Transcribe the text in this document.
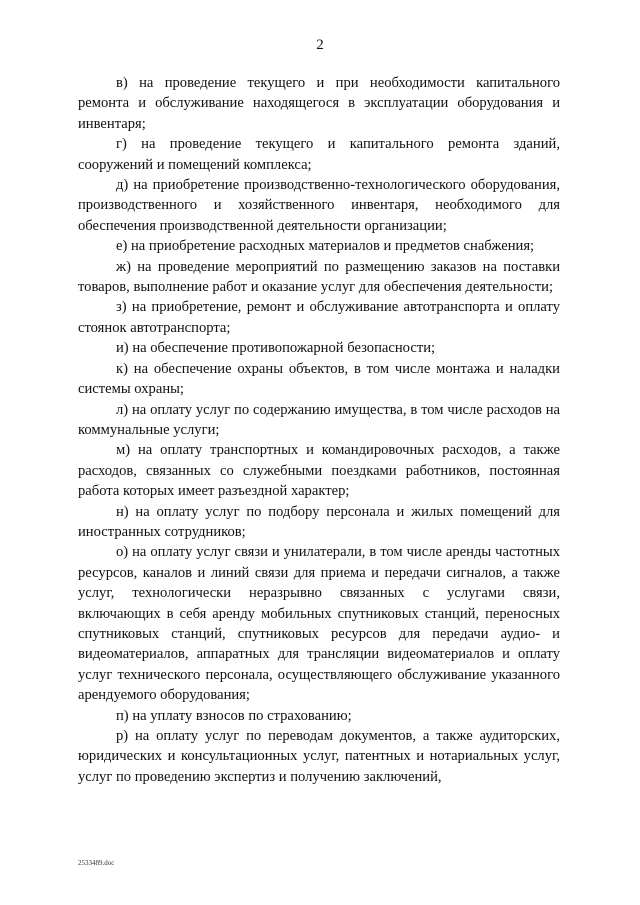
2

в) на проведение текущего и при необходимости капитального ремонта и обслуживание находящегося в эксплуатации оборудования и инвентаря;

г) на проведение текущего и капитального ремонта зданий, сооружений и помещений комплекса;

д) на приобретение производственно-технологического оборудования, производственного и хозяйственного инвентаря, необходимого для обеспечения производственной деятельности организации;

е) на приобретение расходных материалов и предметов снабжения;

ж) на проведение мероприятий по размещению заказов на поставки товаров, выполнение работ и оказание услуг для обеспечения деятельности;

з) на приобретение, ремонт и обслуживание автотранспорта и оплату стоянок автотранспорта;

и) на обеспечение противопожарной безопасности;

к) на обеспечение охраны объектов, в том числе монтажа и наладки системы охраны;

л) на оплату услуг по содержанию имущества, в том числе расходов на коммунальные услуги;

м) на оплату транспортных и командировочных расходов, а также расходов, связанных со служебными поездками работников, постоянная работа которых имеет разъездной характер;

н) на оплату услуг по подбору персонала и жилых помещений для иностранных сотрудников;

о) на оплату услуг связи и унилатерали, в том числе аренды частотных ресурсов, каналов и линий связи для приема и передачи сигналов, а также услуг, технологически неразрывно связанных с услугами связи, включающих в себя аренду мобильных спутниковых станций, переносных спутниковых станций, спутниковых ресурсов для передачи аудио- и видеоматериалов, аппаратных для трансляции видеоматериалов и оплату услуг технического персонала, осуществляющего обслуживание указанного арендуемого оборудования;

п) на уплату взносов по страхованию;

р) на оплату услуг по переводам документов, а также аудиторских, юридических и консультационных услуг, патентных и нотариальных услуг, услуг по проведению экспертиз и получению заключений,

2533489.doc
